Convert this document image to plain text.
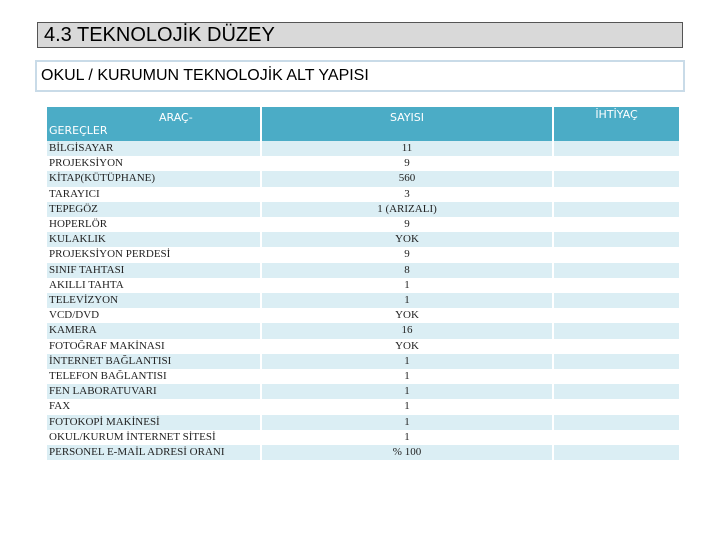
4.3 TEKNOLOJİK DÜZEY
OKUL / KURUMUN TEKNOLOJİK ALT YAPISI
ARAÇ-
GEREÇLER	SAYISI	İHTİYAÇ
BİLGİSAYAR	11	
PROJEKSİYON	9	
KİTAP(KÜTÜPHANE)	560	
TARAYICI	3	
TEPEGÖZ	1 (ARIZALI)	
HOPERLÖR	9	
KULAKLIK	YOK	
PROJEKSİYON PERDESİ	9	
SINIF TAHTASI	8	
AKILLI TAHTA	1	
TELEVİZYON	1	
VCD/DVD	YOK	
KAMERA	16	
FOTOĞRAF MAKİNASI	YOK	
İNTERNET BAĞLANTISI	1	
TELEFON BAĞLANTISI	1	
FEN LABORATUVARI	1	
FAX	1	
FOTOKOPİ MAKİNESİ	1	
OKUL/KURUM İNTERNET SİTESİ	1	
PERSONEL E-MAİL ADRESİ ORANI	% 100	
